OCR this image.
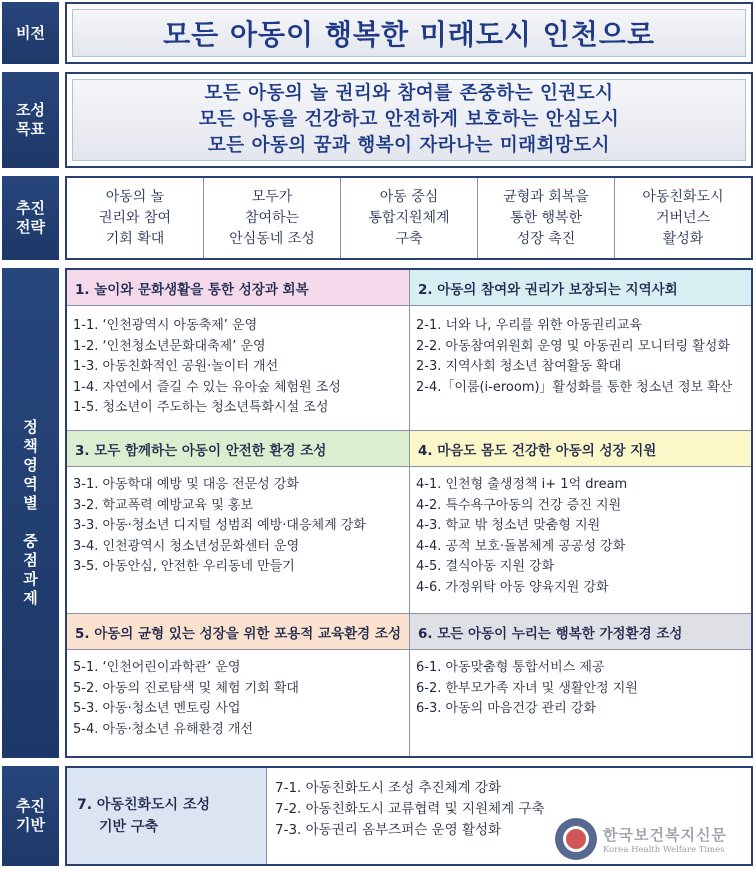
비전	모든 아동이 행복한 미래도시 인천으로
조성
목표
모든 아동의 놀 권리와 참여를 존중하는 인권도시
모든 아동을 건강하고 안전하게 보호하는 안심도시
모든 아동의 꿈과 행복이 자라나는 미래희망도시
추진
전략
아동의 놀
권리와 참여
기회 확대
모두가
참여하는
안심동네 조성
아동 중심
통합지원체계
구축
균형과 회복을
통한 행복한
성장 촉진
아동친화도시
거버넌스
활성화
정
책
영
역
별
중
점
과
제
1. 놀이와 문화생활을 통한 성장과 회복
1-1. ‘인천광역시 아동축제’ 운영
1-2. ‘인천청소년문화대축제’ 운영
1-3. 아동친화적인 공원·놀이터 개선
1-4. 자연에서 즐길 수 있는 유아숲 체험원 조성
1-5. 청소년이 주도하는 청소년특화시설 조성
2. 아동의 참여와 권리가 보장되는 지역사회
2-1. 너와 나, 우리를 위한 아동권리교육
2-2. 아동참여위원회 운영 및 아동권리 모니터링 활성화
2-3. 지역사회 청소년 참여활동 확대
2-4.「이룸(i-eroom)」활성화를 통한 청소년 정보 확산
3. 모두 함께하는 아동이 안전한 환경 조성
3-1. 아동학대 예방 및 대응 전문성 강화
3-2. 학교폭력 예방교육 및 홍보
3-3. 아동·청소년 디지털 성범죄 예방·대응체계 강화
3-4. 인천광역시 청소년성문화센터 운영
3-5. 아동안심, 안전한 우리동네 만들기
4. 마음도 몸도 건강한 아동의 성장 지원
4-1. 인천형 출생정책 i+ 1억 dream
4-2. 특수욕구아동의 건강 증진 지원
4-3. 학교 밖 청소년 맞춤형 지원
4-4. 공적 보호·돌봄체계 공공성 강화
4-5. 결식아동 지원 강화
4-6. 가정위탁 아동 양육지원 강화
5. 아동의 균형 있는 성장을 위한 포용적 교육환경 조성
5-1. ‘인천어린이과학관’ 운영
5-2. 아동의 진로탐색 및 체험 기회 확대
5-3. 아동·청소년 멘토링 사업
5-4. 아동·청소년 유해환경 개선
6. 모든 아동이 누리는 행복한 가정환경 조성
6-1. 아동맞춤형 통합서비스 제공
6-2. 한부모가족 자녀 및 생활안정 지원
6-3. 아동의 마음건강 관리 강화
추진
기반
7. 아동친화도시 조성
기반 구축
7-1. 아동친화도시 조성 추진체계 강화
7-2. 아동친화도시 교류협력 및 지원체계 구축
7-3. 아동권리 옴부즈퍼슨 운영 활성화	한국보건복지신문
Korea Health Welfare Times
